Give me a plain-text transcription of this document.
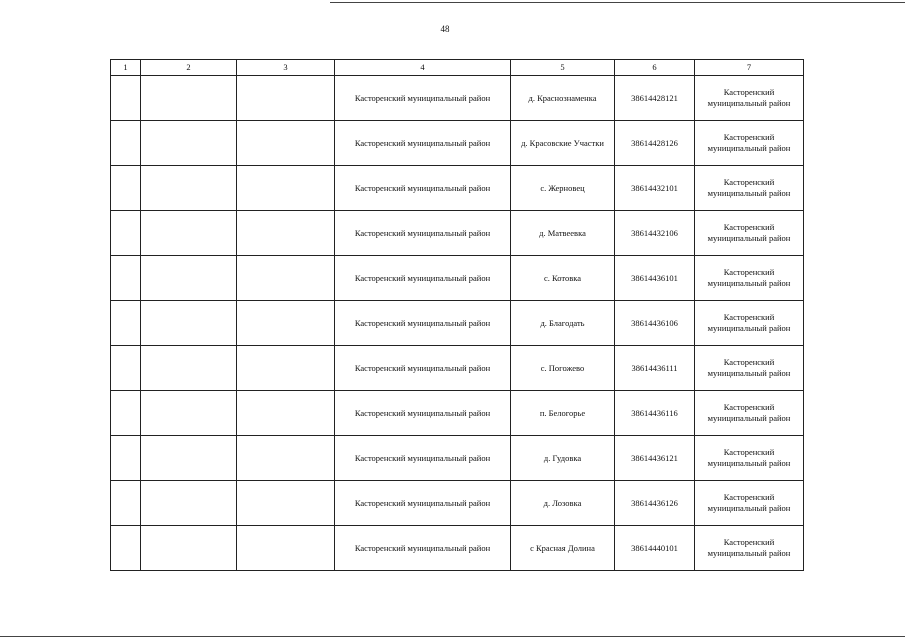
48
1	2	3	4	5	6	7
			Касторенский муниципальный район	д. Краснознаменка	38614428121	Касторенский муниципальный район
			Касторенский муниципальный район	д. Красовские Участки	38614428126	Касторенский муниципальный район
			Касторенский муниципальный район	с. Жерновец	38614432101	Касторенский муниципальный район
			Касторенский муниципальный район	д. Матвеевка	38614432106	Касторенский муниципальный район
			Касторенский муниципальный район	с. Котовка	38614436101	Касторенский муниципальный район
			Касторенский муниципальный район	д. Благодать	38614436106	Касторенский муниципальный район
			Касторенский муниципальный район	с. Погожево	38614436111	Касторенский муниципальный район
			Касторенский муниципальный район	п. Белогорье	38614436116	Касторенский муниципальный район
			Касторенский муниципальный район	д. Гудовка	38614436121	Касторенский муниципальный район
			Касторенский муниципальный район	д. Лозовка	38614436126	Касторенский муниципальный район
			Касторенский муниципальный район	с Красная Долина	38614440101	Касторенский муниципальный район
